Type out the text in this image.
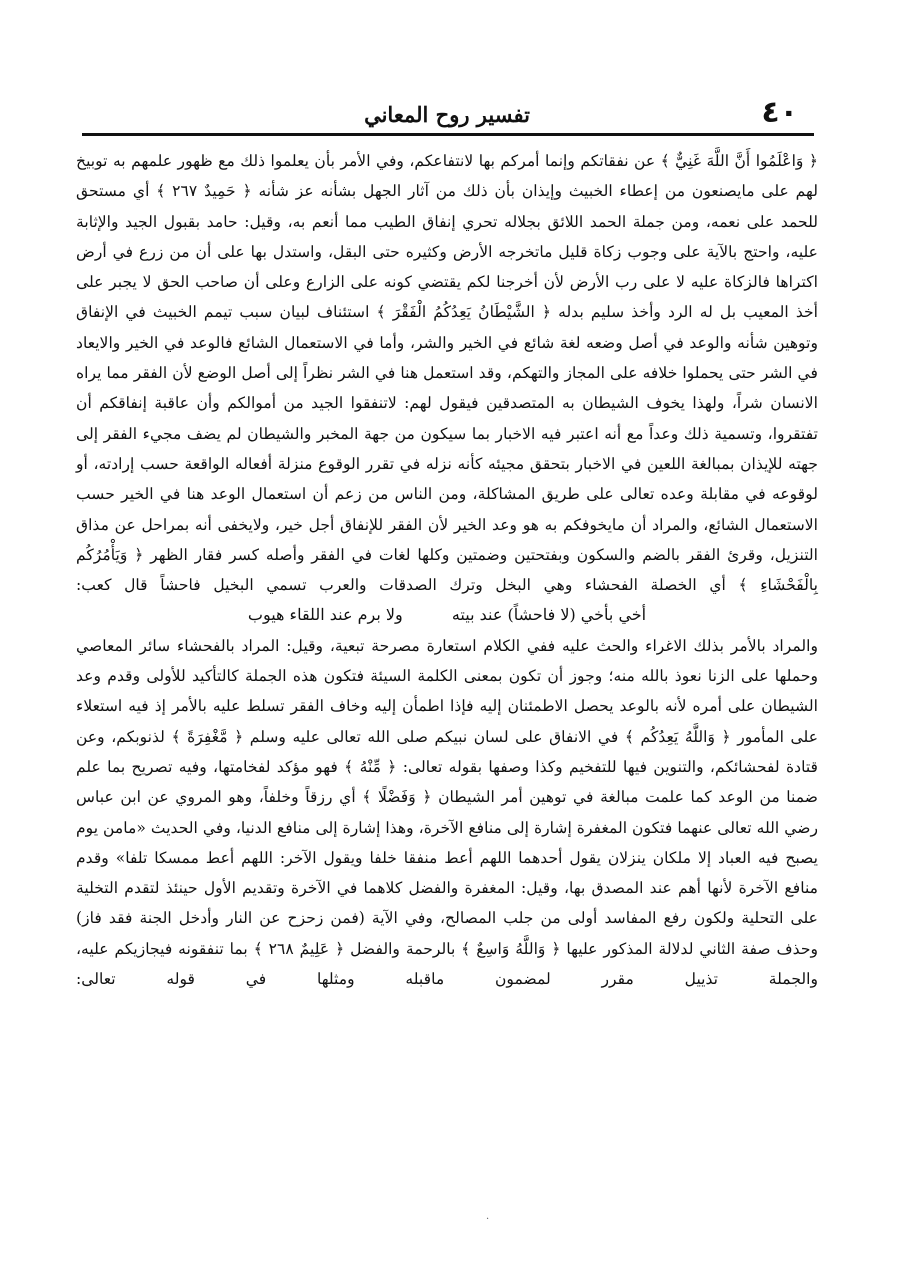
٤٠
تفسير روح المعاني

﴿ وَاعْلَمُوا أَنَّ اللَّهَ غَنِيٌّ ﴾ عن نفقاتكم وإنما أمركم بها لانتفاعكم، وفي الأمر بأن يعلموا ذلك مع ظهور علمهم به توبيخ لهم على مايصنعون من إعطاء الخبيث وإيذان بأن ذلك من آثار الجهل بشأنه عز شأنه ﴿ حَمِيدٌ ٢٦٧ ﴾ أي مستحق للحمد على نعمه، ومن جملة الحمد اللائق بجلاله تحري إنفاق الطيب مما أنعم به، وقيل: حامد بقبول الجيد والإثابة عليه، واحتج بالآية على وجوب زكاة قليل ماتخرجه الأرض وكثيره حتى البقل، واستدل بها على أن من زرع في أرض اكتراها فالزكاة عليه لا على رب الأرض لأن أخرجنا لكم يقتضي كونه على الزارع وعلى أن صاحب الحق لا يجبر على أخذ المعيب بل له الرد وأخذ سليم بدله ﴿ الشَّيْطَانُ يَعِدُكُمُ الْفَقْرَ ﴾ استئناف لبيان سبب تيمم الخبيث في الإنفاق وتوهين شأنه والوعد في أصل وضعه لغة شائع في الخير والشر، وأما في الاستعمال الشائع فالوعد في الخير والايعاد في الشر حتى يحملوا خلافه على المجاز والتهكم، وقد استعمل هنا في الشر نظراً إلى أصل الوضع لأن الفقر مما يراه الانسان شراً، ولهذا يخوف الشيطان به المتصدقين فيقول لهم: لاتنفقوا الجيد من أموالكم وأن عاقبة إنفاقكم أن تفتقروا، وتسمية ذلك وعداً مع أنه اعتبر فيه الاخبار بما سيكون من جهة المخبر والشيطان لم يضف مجيء الفقر إلى جهته للإيذان بمبالغة اللعين في الاخبار بتحقق مجيئه كأنه نزله في تقرر الوقوع منزلة أفعاله الواقعة حسب إرادته، أو لوقوعه في مقابلة وعده تعالى على طريق المشاكلة، ومن الناس من زعم أن استعمال الوعد هنا في الخير حسب الاستعمال الشائع، والمراد أن مايخوفكم به هو وعد الخير لأن الفقر للإنفاق أجل خير، ولايخفى أنه بمراحل عن مذاق التنزيل، وقرئ الفقر بالضم والسكون وبفتحتين وضمتين وكلها لغات في الفقر وأصله كسر فقار الظهر ﴿ وَيَأْمُرُكُم بِالْفَحْشَاءِ ﴾ أي الخصلة الفحشاء وهي البخل وترك الصدقات والعرب تسمي البخيل فاحشاً قال كعب:

أخي بأخي (لا فاحشاً) عند بيته ولا برم عند اللقاء هيوب

والمراد بالأمر بذلك الاغراء والحث عليه ففي الكلام استعارة مصرحة تبعية، وقيل: المراد بالفحشاء سائر المعاصي وحملها على الزنا نعوذ بالله منه؛ وجوز أن تكون بمعنى الكلمة السيئة فتكون هذه الجملة كالتأكيد للأولى وقدم وعد الشيطان على أمره لأنه بالوعد يحصل الاطمئنان إليه فإذا اطمأن إليه وخاف الفقر تسلط عليه بالأمر إذ فيه استعلاء على المأمور ﴿ وَاللَّهُ يَعِدُكُم ﴾ في الانفاق على لسان نبيكم صلى الله تعالى عليه وسلم ﴿ مَّغْفِرَةً ﴾ لذنوبكم، وعن قتادة لفحشائكم، والتنوين فيها للتفخيم وكذا وصفها بقوله تعالى: ﴿ مِّنْهُ ﴾ فهو مؤكد لفخامتها، وفيه تصريح بما علم ضمنا من الوعد كما علمت مبالغة في توهين أمر الشيطان ﴿ وَفَضْلًا ﴾ أي رزقاً وخلفاً، وهو المروي عن ابن عباس رضي الله تعالى عنهما فتكون المغفرة إشارة إلى منافع الآخرة، وهذا إشارة إلى منافع الدنيا، وفي الحديث «مامن يوم يصبح فيه العباد إلا ملكان ينزلان يقول أحدهما اللهم أعط منفقا خلفا ويقول الآخر: اللهم أعط ممسكا تلفا» وقدم منافع الآخرة لأنها أهم عند المصدق بها، وقيل: المغفرة والفضل كلاهما في الآخرة وتقديم الأول حينئذ لتقدم التخلية على التحلية ولكون رفع المفاسد أولى من جلب المصالح، وفي الآية (فمن زحزح عن النار وأدخل الجنة فقد فاز) وحذف صفة الثاني لدلالة المذكور عليها ﴿ وَاللَّهُ وَاسِعٌ ﴾ بالرحمة والفضل ﴿ عَلِيمٌ ٢٦٨ ﴾ بما تنفقونه فيجازيكم عليه، والجملة تذييل مقرر لمضمون ماقبله ومثلها في قوله تعالى:

·
